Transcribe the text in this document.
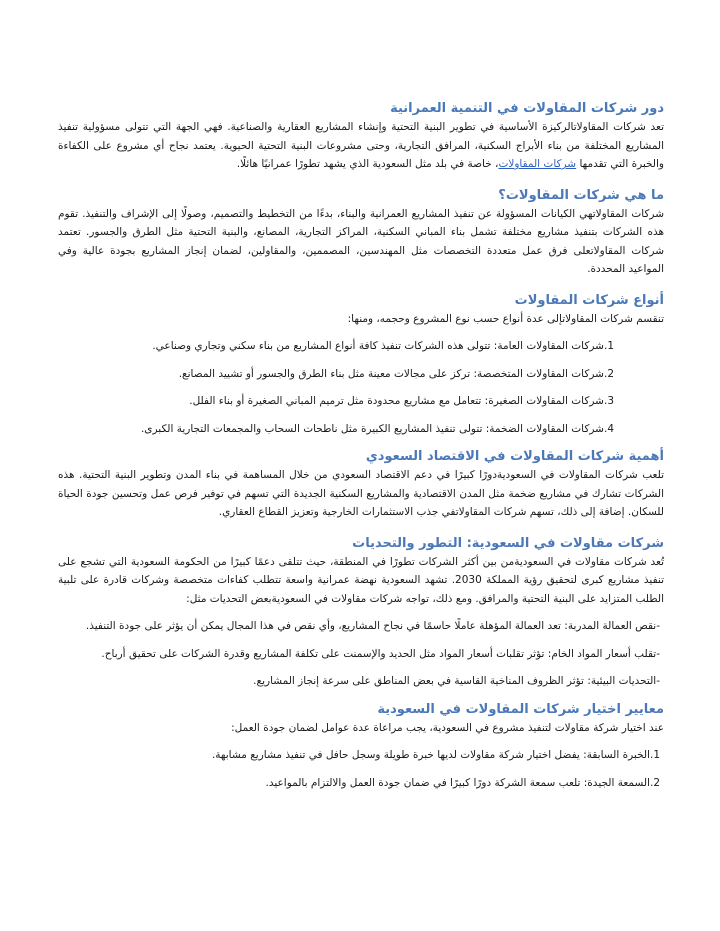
دور شركات المقاولات في التنمية العمرانية

تعد شركات المقاولاتالركيزة الأساسية في تطوير البنية التحتية وإنشاء المشاريع العقارية والصناعية. فهي الجهة التي تتولى مسؤولية تنفيذ المشاريع المختلفة من بناء الأبراج السكنية، المرافق التجارية، وحتى مشروعات البنية التحتية الحيوية. يعتمد نجاح أي مشروع على الكفاءة والخبرة التي تقدمها شركات المقاولات، خاصة في بلد مثل السعودية الذي يشهد تطورًا عمرانيًا هائلًا.

ما هي شركات المقاولات؟

شركات المقاولاتهي الكيانات المسؤولة عن تنفيذ المشاريع العمرانية والبناء، بدءًا من التخطيط والتصميم، وصولًا إلى الإشراف والتنفيذ. تقوم هذه الشركات بتنفيذ مشاريع مختلفة تشمل بناء المباني السكنية، المراكز التجارية، المصانع، والبنية التحتية مثل الطرق والجسور. تعتمد شركات المقاولاتعلى فرق عمل متعددة التخصصات مثل المهندسين، المصممين، والمقاولين، لضمان إنجاز المشاريع بجودة عالية وفي المواعيد المحددة.

أنواع شركات المقاولات

تنقسم شركات المقاولاتإلى عدة أنواع حسب نوع المشروع وحجمه، ومنها:

1.شركات المقاولات العامة: تتولى هذه الشركات تنفيذ كافة أنواع المشاريع من بناء سكني وتجاري وصناعي.

2.شركات المقاولات المتخصصة: تركز على مجالات معينة مثل بناء الطرق والجسور أو تشييد المصانع.

3.شركات المقاولات الصغيرة: تتعامل مع مشاريع محدودة مثل ترميم المباني الصغيرة أو بناء الفلل.

4.شركات المقاولات الضخمة: تتولى تنفيذ المشاريع الكبيرة مثل ناطحات السحاب والمجمعات التجارية الكبرى.

أهمية شركات المقاولات في الاقتصاد السعودي

تلعب شركات المقاولات في السعوديةدورًا كبيرًا في دعم الاقتصاد السعودي من خلال المساهمة في بناء المدن وتطوير البنية التحتية. هذه الشركات تشارك في مشاريع ضخمة مثل المدن الاقتصادية والمشاريع السكنية الجديدة التي تسهم في توفير فرص عمل وتحسين جودة الحياة للسكان. إضافة إلى ذلك، تسهم شركات المقاولاتفي جذب الاستثمارات الخارجية وتعزيز القطاع العقاري.

شركات مقاولات في السعودية: التطور والتحديات

تُعد شركات مقاولات في السعوديةمن بين أكثر الشركات تطورًا في المنطقة، حيث تتلقى دعمًا كبيرًا من الحكومة السعودية التي تشجع على تنفيذ مشاريع كبرى لتحقيق رؤية المملكة 2030. تشهد السعودية نهضة عمرانية واسعة تتطلب كفاءات متخصصة وشركات قادرة على تلبية الطلب المتزايد على البنية التحتية والمرافق. ومع ذلك، تواجه شركات مقاولات في السعوديةبعض التحديات مثل:

-نقص العمالة المدربة: تعد العمالة المؤهلة عاملًا حاسمًا في نجاح المشاريع، وأي نقص في هذا المجال يمكن أن يؤثر على جودة التنفيذ.

-تقلب أسعار المواد الخام: تؤثر تقلبات أسعار المواد مثل الحديد والإسمنت على تكلفة المشاريع وقدرة الشركات على تحقيق أرباح.

-التحديات البيئية: تؤثر الظروف المناخية القاسية في بعض المناطق على سرعة إنجاز المشاريع.

معايير اختيار شركات المقاولات في السعودية

عند اختيار شركة مقاولات لتنفيذ مشروع في السعودية، يجب مراعاة عدة عوامل لضمان جودة العمل:

1.الخبرة السابقة: يفضل اختيار شركة مقاولات لديها خبرة طويلة وسجل حافل في تنفيذ مشاريع مشابهة.

2.السمعة الجيدة: تلعب سمعة الشركة دورًا كبيرًا في ضمان جودة العمل والالتزام بالمواعيد.
